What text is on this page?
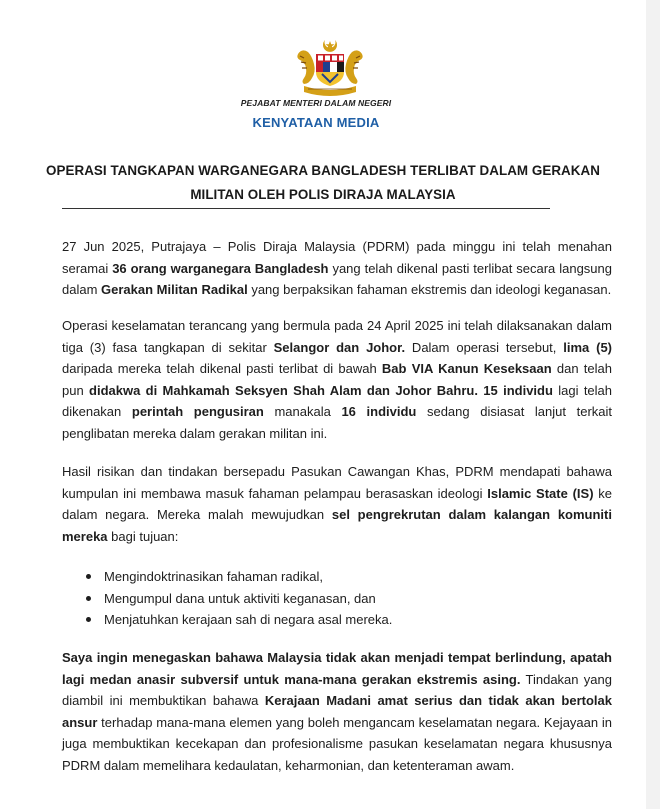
PEJABAT MENTERI DALAM NEGERI
KENYATAAN MEDIA
OPERASI TANGKAPAN WARGANEGARA BANGLADESH TERLIBAT DALAM GERAKAN
MILITAN OLEH POLIS DIRAJA MALAYSIA
27 Jun 2025, Putrajaya – Polis Diraja Malaysia (PDRM) pada minggu ini telah menahan seramai 36 orang warganegara Bangladesh yang telah dikenal pasti terlibat secara langsung dalam Gerakan Militan Radikal yang berpaksikan fahaman ekstremis dan ideologi keganasan.
Operasi keselamatan terancang yang bermula pada 24 April 2025 ini telah dilaksanakan dalam tiga (3) fasa tangkapan di sekitar Selangor dan Johor. Dalam operasi tersebut, lima (5) daripada mereka telah dikenal pasti terlibat di bawah Bab VIA Kanun Keseksaan dan telah pun didakwa di Mahkamah Seksyen Shah Alam dan Johor Bahru. 15 individu lagi telah dikenakan perintah pengusiran manakala 16 individu sedang disiasat lanjut terkait penglibatan mereka dalam gerakan militan ini.
Hasil risikan dan tindakan bersepadu Pasukan Cawangan Khas, PDRM mendapati bahawa kumpulan ini membawa masuk fahaman pelampau berasaskan ideologi Islamic State (IS) ke dalam negara. Mereka malah mewujudkan sel pengrekrutan dalam kalangan komuniti mereka bagi tujuan:
Mengindoktrinasikan fahaman radikal,
Mengumpul dana untuk aktiviti keganasan, dan
Menjatuhkan kerajaan sah di negara asal mereka.
Saya ingin menegaskan bahawa Malaysia tidak akan menjadi tempat berlindung, apatah lagi medan anasir subversif untuk mana-mana gerakan ekstremis asing. Tindakan yang diambil ini membuktikan bahawa Kerajaan Madani amat serius dan tidak akan bertolak ansur terhadap mana-mana elemen yang boleh mengancam keselamatan negara. Kejayaan in juga membuktikan kecekapan dan profesionalisme pasukan keselamatan negara khususnya PDRM dalam memelihara kedaulatan, keharmonian, dan ketenteraman awam.
